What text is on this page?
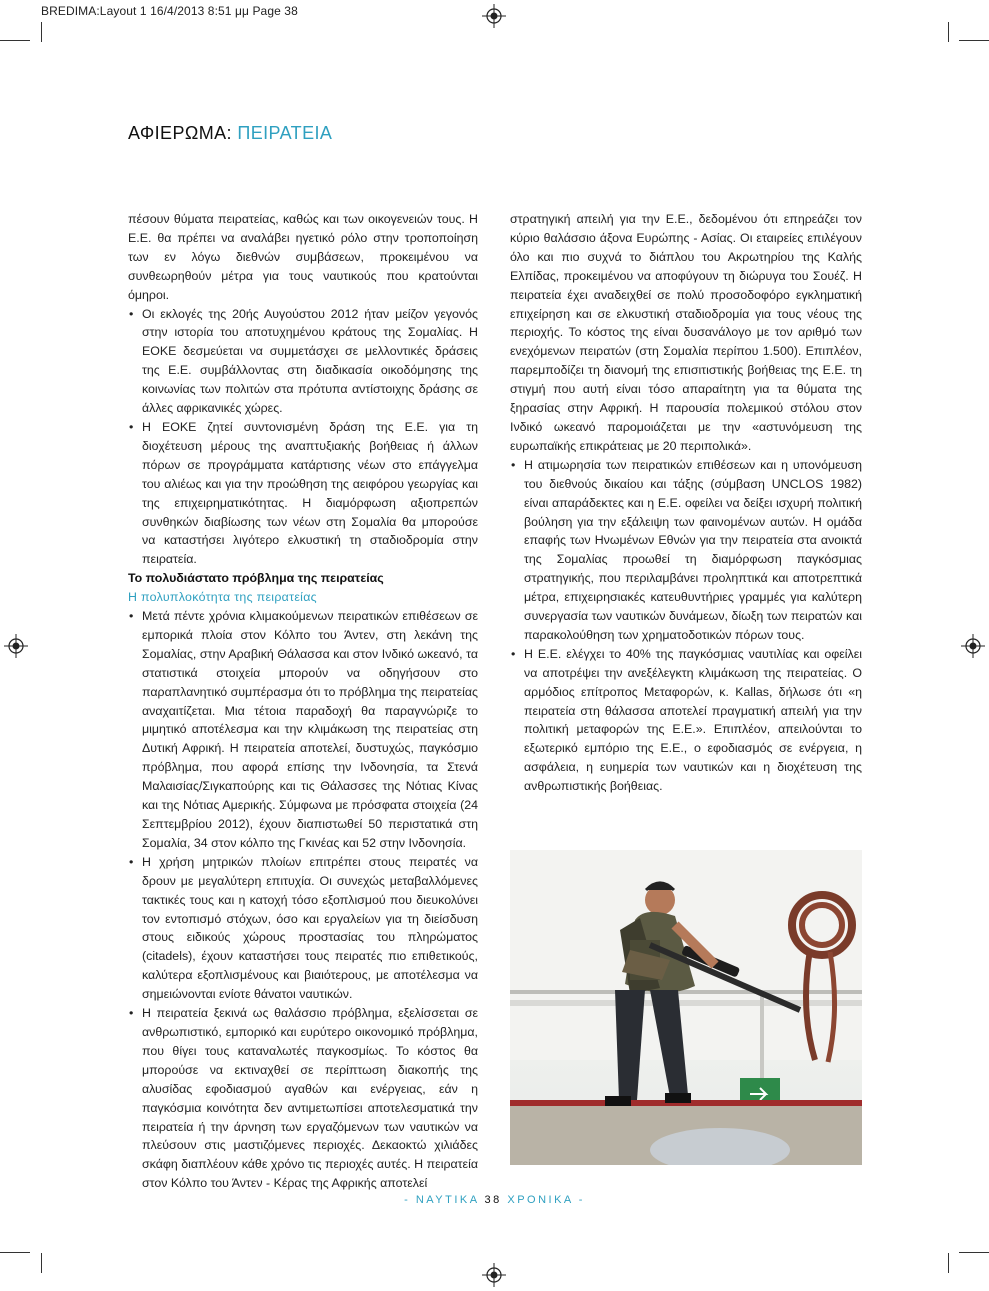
BREDIMA:Layout 1 16/4/2013 8:51 μμ Page 38
ΑΦΙΕΡΩΜΑ: ΠΕΙΡΑΤΕΙΑ

πέσουν θύματα πειρατείας, καθώς και των οικογενειών τους. Η Ε.Ε. θα πρέπει να αναλάβει ηγετικό ρόλο στην τροποποίηση των εν λόγω διεθνών συμβάσεων, προκειμένου να συνθεωρηθούν μέτρα για τους ναυτικούς που κρατούνται όμηροι.

• Οι εκλογές της 20ής Αυγούστου 2012 ήταν μείζον γεγονός στην ιστορία του αποτυχημένου κράτους της Σομαλίας. Η ΕΟΚΕ δεσμεύεται να συμμετάσχει σε μελλοντικές δράσεις της Ε.Ε. συμβάλλοντας στη διαδικασία οικοδόμησης της κοινωνίας των πολιτών στα πρότυπα αντίστοιχης δράσης σε άλλες αφρικανικές χώρες.

• Η ΕΟΚΕ ζητεί συντονισμένη δράση της Ε.Ε. για τη διοχέτευση μέρους της αναπτυξιακής βοήθειας ή άλλων πόρων σε προγράμματα κατάρτισης νέων στο επάγγελμα του αλιέως και για την προώθηση της αειφόρου γεωργίας και της επιχειρηματικότητας. Η διαμόρφωση αξιοπρεπών συνθηκών διαβίωσης των νέων στη Σομαλία θα μπορούσε να καταστήσει λιγότερο ελκυστική τη σταδιοδρομία στην πειρατεία.

Το πολυδιάστατο πρόβλημα της πειρατείας

Η πολυπλοκότητα της πειρατείας

• Μετά πέντε χρόνια κλιμακούμενων πειρατικών επιθέσεων σε εμπορικά πλοία στον Κόλπο του Άντεν, στη λεκάνη της Σομαλίας, στην Αραβική Θάλασσα και στον Ινδικό ωκεανό, τα στατιστικά στοιχεία μπορούν να οδηγήσουν στο παραπλανητικό συμπέρασμα ότι το πρόβλημα της πειρατείας αναχαιτίζεται. Μια τέτοια παραδοχή θα παραγνώριζε το μιμητικό αποτέλεσμα και την κλιμάκωση της πειρατείας στη Δυτική Αφρική. Η πειρατεία αποτελεί, δυστυχώς, παγκόσμιο πρόβλημα, που αφορά επίσης την Ινδονησία, τα Στενά Μαλαισίας/Σιγκαπούρης και τις Θάλασσες της Νότιας Κίνας και της Νότιας Αμερικής. Σύμφωνα με πρόσφατα στοιχεία (24 Σεπτεμβρίου 2012), έχουν διαπιστωθεί 50 περιστατικά στη Σομαλία, 34 στον κόλπο της Γκινέας και 52 στην Ινδονησία.

• Η χρήση μητρικών πλοίων επιτρέπει στους πειρατές να δρουν με μεγαλύτερη επιτυχία. Οι συνεχώς μεταβαλλόμενες τακτικές τους και η κατοχή τόσο εξοπλισμού που διευκολύνει τον εντοπισμό στόχων, όσο και εργαλείων για τη διείσδυση στους ειδικούς χώρους προστασίας του πληρώματος (citadels), έχουν καταστήσει τους πειρατές πιο επιθετικούς, καλύτερα εξοπλισμένους και βιαιότερους, με αποτέλεσμα να σημειώνονται ενίοτε θάνατοι ναυτικών.

• Η πειρατεία ξεκινά ως θαλάσσιο πρόβλημα, εξελίσσεται σε ανθρωπιστικό, εμπορικό και ευρύτερο οικονομικό πρόβλημα, που θίγει τους καταναλωτές παγκοσμίως. Το κόστος θα μπορούσε να εκτιναχθεί σε περίπτωση διακοπής της αλυσίδας εφοδιασμού αγαθών και ενέργειας, εάν η παγκόσμια κοινότητα δεν αντιμετωπίσει αποτελεσματικά την πειρατεία ή την άρνηση των εργαζόμενων των ναυτικών να πλεύσουν στις μαστιζόμενες περιοχές. Δεκαοκτώ χιλιάδες σκάφη διαπλέουν κάθε χρόνο τις περιοχές αυτές. Η πειρατεία στον Κόλπο του Άντεν - Κέρας της Αφρικής αποτελεί

στρατηγική απειλή για την Ε.Ε., δεδομένου ότι επηρεάζει τον κύριο θαλάσσιο άξονα Ευρώπης - Ασίας. Οι εταιρείες επιλέγουν όλο και πιο συχνά το διάπλου του Ακρωτηρίου της Καλής Ελπίδας, προκειμένου να αποφύγουν τη διώρυγα του Σουέζ. Η πειρατεία έχει αναδειχθεί σε πολύ προσοδοφόρο εγκληματική επιχείρηση και σε ελκυστική σταδιοδρομία για τους νέους της περιοχής. Το κόστος της είναι δυσανάλογο με τον αριθμό των ενεχόμενων πειρατών (στη Σομαλία περίπου 1.500). Επιπλέον, παρεμποδίζει τη διανομή της επισιτιστικής βοήθειας της Ε.Ε. τη στιγμή που αυτή είναι τόσο απαραίτητη για τα θύματα της ξηρασίας στην Αφρική. Η παρουσία πολεμικού στόλου στον Ινδικό ωκεανό παρομοιάζεται με την «αστυνόμευση της ευρωπαϊκής επικράτειας με 20 περιπολικά».

• Η ατιμωρησία των πειρατικών επιθέσεων και η υπονόμευση του διεθνούς δικαίου και τάξης (σύμβαση UNCLOS 1982) είναι απαράδεκτες και η Ε.Ε. οφείλει να δείξει ισχυρή πολιτική βούληση για την εξάλειψη των φαινομένων αυτών. Η ομάδα επαφής των Ηνωμένων Εθνών για την πειρατεία στα ανοικτά της Σομαλίας προωθεί τη διαμόρφωση παγκόσμιας στρατηγικής, που περιλαμβάνει προληπτικά και αποτρεπτικά μέτρα, επιχειρησιακές κατευθυντήριες γραμμές για καλύτερη συνεργασία των ναυτικών δυνάμεων, δίωξη των πειρατών και παρακολούθηση των χρηματοδοτικών πόρων τους.

• Η Ε.Ε. ελέγχει το 40% της παγκόσμιας ναυτιλίας και οφείλει να αποτρέψει την ανεξέλεγκτη κλιμάκωση της πειρατείας. Ο αρμόδιος επίτροπος Μεταφορών, κ. Kallas, δήλωσε ότι «η πειρατεία στη θάλασσα αποτελεί πραγματική απειλή για την πολιτική μεταφορών της Ε.Ε.». Επιπλέον, απειλούνται το εξωτερικό εμπόριο της Ε.Ε., ο εφοδιασμός σε ενέργεια, η ασφάλεια, η ευημερία των ναυτικών και η διοχέτευση της ανθρωπιστικής βοήθειας.

- ΝΑΥΤΙΚΑ 38 ΧΡΟΝΙΚΑ -
